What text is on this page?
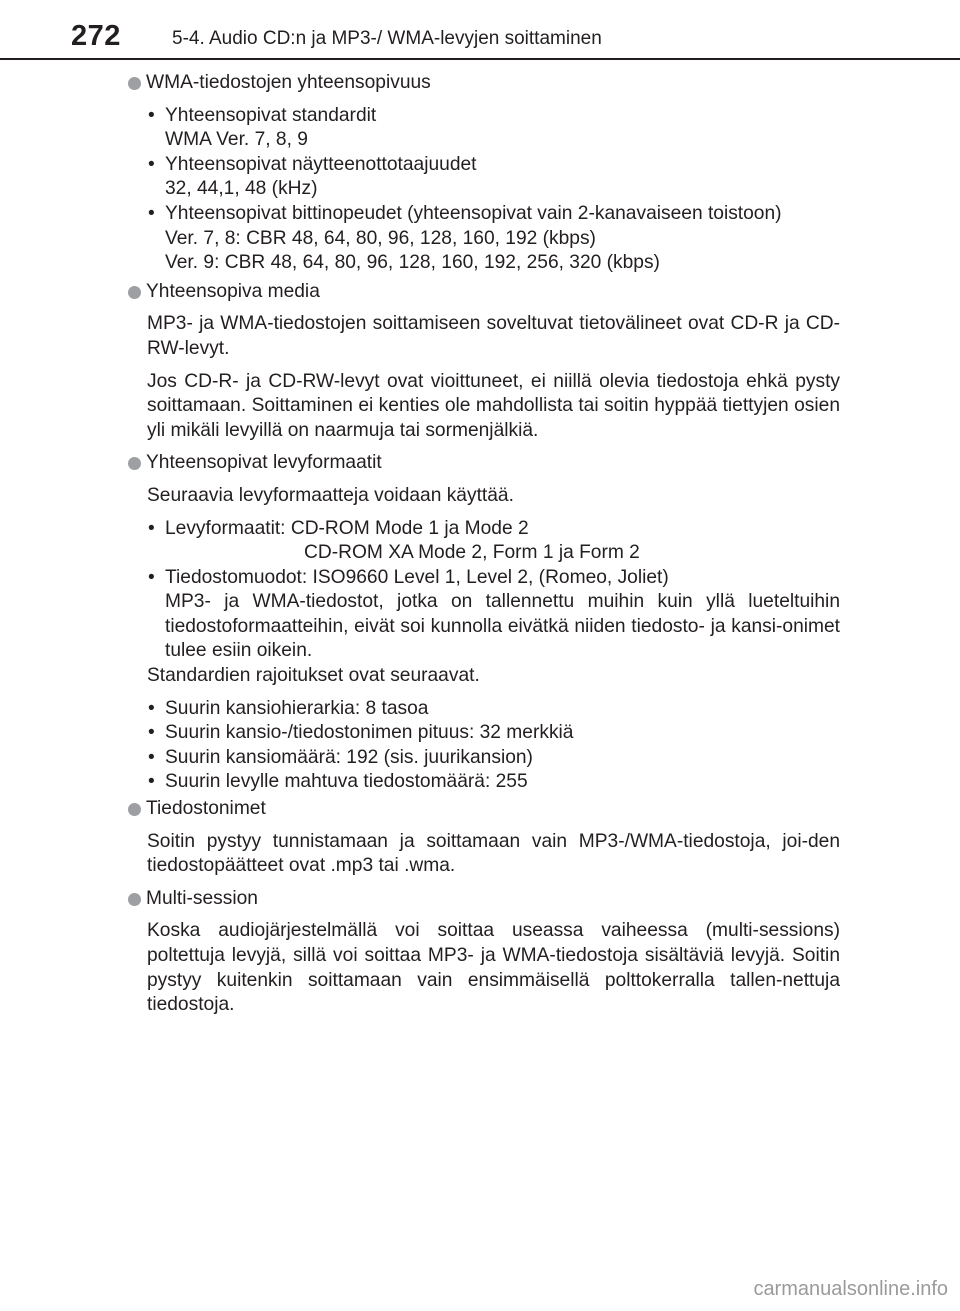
272	5-4. Audio CD:n ja MP3-/ WMA-levyjen soittaminen
WMA-tiedostojen yhteensopivuus
• Yhteensopivat standardit
WMA Ver. 7, 8, 9
• Yhteensopivat näytteenottotaajuudet
32, 44,1, 48 (kHz)
• Yhteensopivat bittinopeudet (yhteensopivat vain 2-kanavaiseen toistoon)
Ver. 7, 8: CBR 48, 64, 80, 96, 128, 160, 192 (kbps)
Ver. 9: CBR 48, 64, 80, 96, 128, 160, 192, 256, 320 (kbps)
Yhteensopiva media

MP3- ja WMA-tiedostojen soittamiseen soveltuvat tietovälineet ovat CD-R ja CD-RW-levyt.

Jos CD-R- ja CD-RW-levyt ovat vioittuneet, ei niillä olevia tiedostoja ehkä pysty soittamaan. Soittaminen ei kenties ole mahdollista tai soitin hyppää tiettyjen osien yli mikäli levyillä on naarmuja tai sormenjälkiä.

Yhteensopivat levyformaatit

Seuraavia levyformaatteja voidaan käyttää.

• Levyformaatit: CD-ROM Mode 1 ja Mode 2
CD-ROM XA Mode 2, Form 1 ja Form 2
• Tiedostomuodot: ISO9660 Level 1, Level 2, (Romeo, Joliet)
MP3- ja WMA-tiedostot, jotka on tallennettu muihin kuin yllä lueteltuihin tiedostoformaatteihin, eivät soi kunnolla eivätkä niiden tiedosto- ja kansi-onimet tulee esiin oikein.

Standardien rajoitukset ovat seuraavat.

• Suurin kansiohierarkia: 8 tasoa
• Suurin kansio-/tiedostonimen pituus: 32 merkkiä
• Suurin kansiomäärä: 192 (sis. juurikansion)
• Suurin levylle mahtuva tiedostomäärä: 255
Tiedostonimet

Soitin pystyy tunnistamaan ja soittamaan vain MP3-/WMA-tiedostoja, joi-den tiedostopäätteet ovat .mp3 tai .wma.

Multi-session

Koska audiojärjestelmällä voi soittaa useassa vaiheessa (multi-sessions) poltettuja levyjä, sillä voi soittaa MP3- ja WMA-tiedostoja sisältäviä levyjä. Soitin pystyy kuitenkin soittamaan vain ensimmäisellä polttokerralla tallen-nettuja tiedostoja.

carmanualsonline.info
